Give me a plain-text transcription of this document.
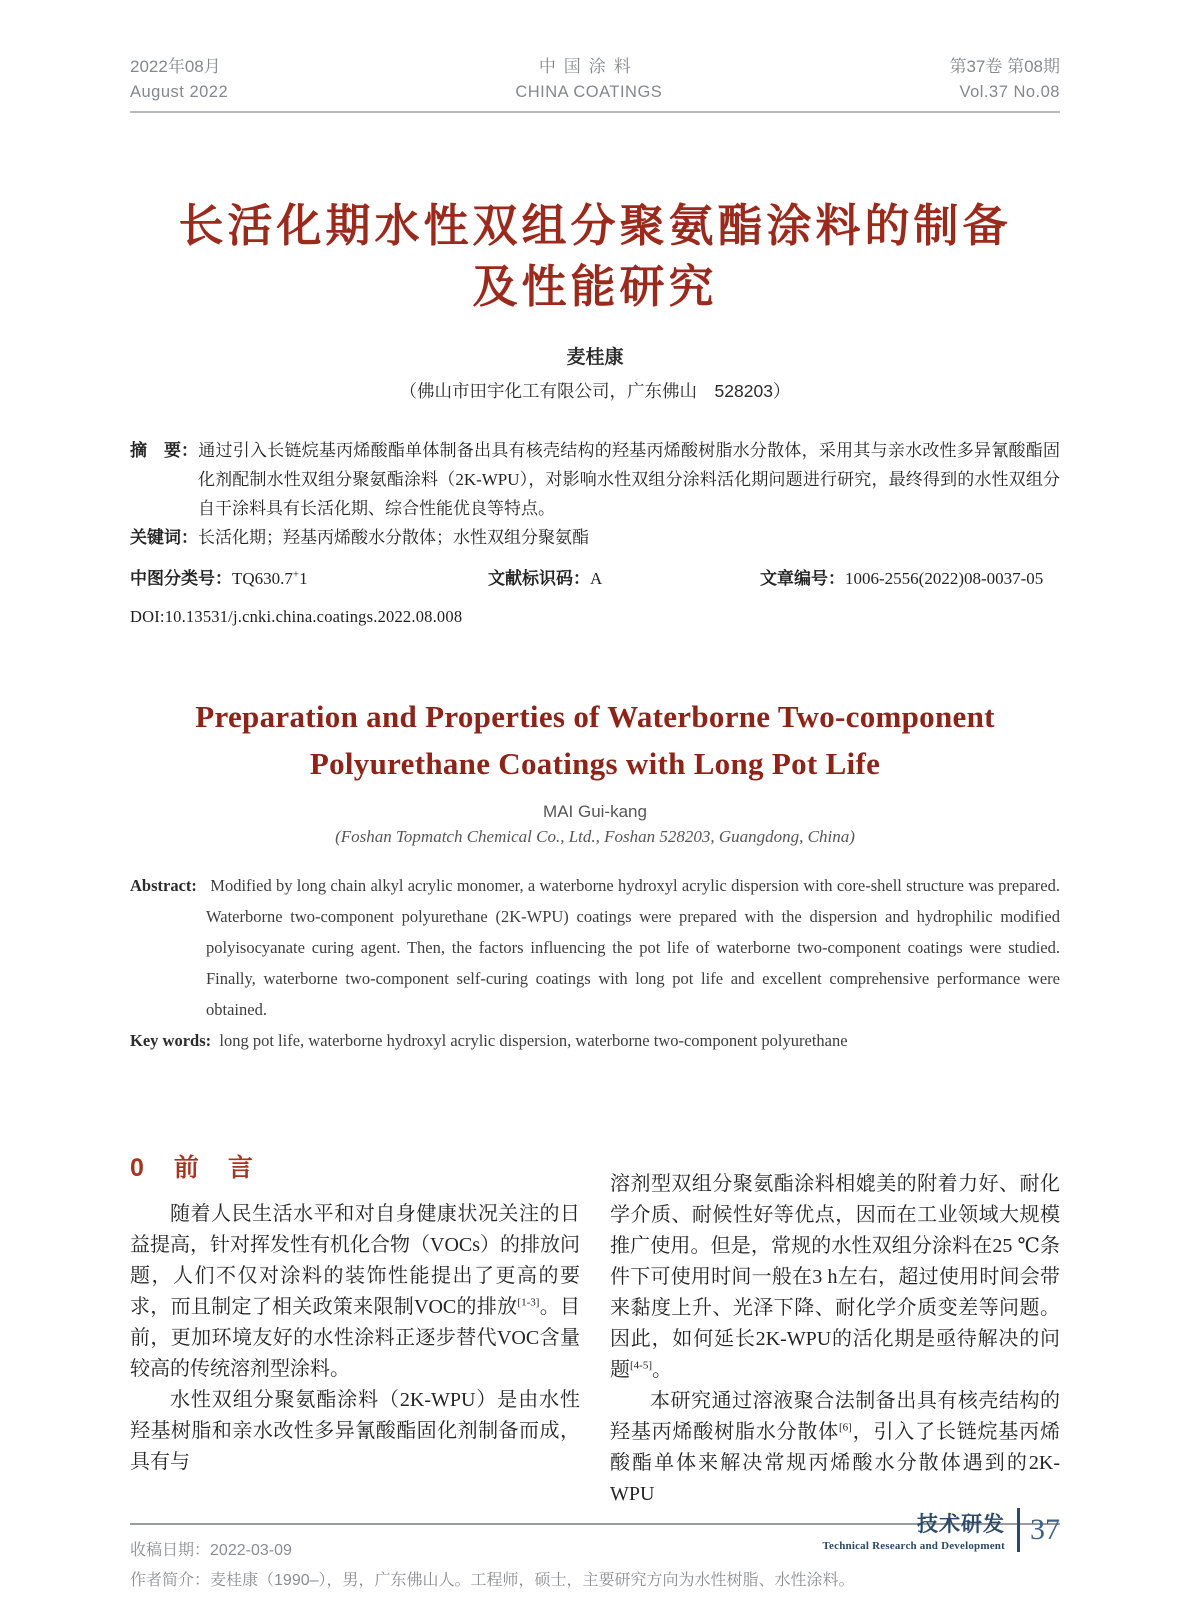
2022年08月
August 2022
中国涂料
CHINA COATINGS
第37卷 第08期
Vol.37 No.08
长活化期水性双组分聚氨酯涂料的制备
及性能研究
麦桂康
（佛山市田宇化工有限公司，广东佛山　528203）

摘　要：通过引入长链烷基丙烯酸酯单体制备出具有核壳结构的羟基丙烯酸树脂水分散体，采用其与亲水改性多异氰酸酯固化剂配制水性双组分聚氨酯涂料（2K-WPU），对影响水性双组分涂料活化期问题进行研究，最终得到的水性双组分自干涂料具有长活化期、综合性能优良等特点。

关键词：长活化期；羟基丙烯酸水分散体；水性双组分聚氨酯

中图分类号：TQ630.7+1	文献标识码：A	文章编号：1006-2556(2022)08-0037-05
DOI:10.13531/j.cnki.china.coatings.2022.08.008
Preparation and Properties of Waterborne Two-component
Polyurethane Coatings with Long Pot Life
MAI Gui-kang
(Foshan Topmatch Chemical Co., Ltd., Foshan 528203, Guangdong, China)

Abstract: Modified by long chain alkyl acrylic monomer, a waterborne hydroxyl acrylic dispersion with core-shell structure was prepared. Waterborne two-component polyurethane (2K-WPU) coatings were prepared with the dispersion and hydrophilic modified polyisocyanate curing agent. Then, the factors influencing the pot life of waterborne two-component coatings were studied. Finally, waterborne two-component self-curing coatings with long pot life and excellent comprehensive performance were obtained.

Key words: long pot life, waterborne hydroxyl acrylic dispersion, waterborne two-component polyurethane

0 前　言

随着人民生活水平和对自身健康状况关注的日益提高，针对挥发性有机化合物（VOCs）的排放问题，人们不仅对涂料的装饰性能提出了更高的要求，而且制定了相关政策来限制VOC的排放[1-3]。目前，更加环境友好的水性涂料正逐步替代VOC含量较高的传统溶剂型涂料。

水性双组分聚氨酯涂料（2K-WPU）是由水性羟基树脂和亲水改性多异氰酸酯固化剂制备而成，具有与

溶剂型双组分聚氨酯涂料相媲美的附着力好、耐化学介质、耐候性好等优点，因而在工业领域大规模推广使用。但是，常规的水性双组分涂料在25 ℃条件下可使用时间一般在3 h左右，超过使用时间会带来黏度上升、光泽下降、耐化学介质变差等问题。因此，如何延长2K-WPU的活化期是亟待解决的问题[4-5]。

本研究通过溶液聚合法制备出具有核壳结构的羟基丙烯酸树脂水分散体[6]，引入了长链烷基丙烯酸酯单体来解决常规丙烯酸水分散体遇到的2K-WPU

收稿日期：2022-03-09

作者简介：麦桂康（1990–），男，广东佛山人。工程师，硕士，主要研究方向为水性树脂、水性涂料。

技术研发
Technical Research and Development 37
